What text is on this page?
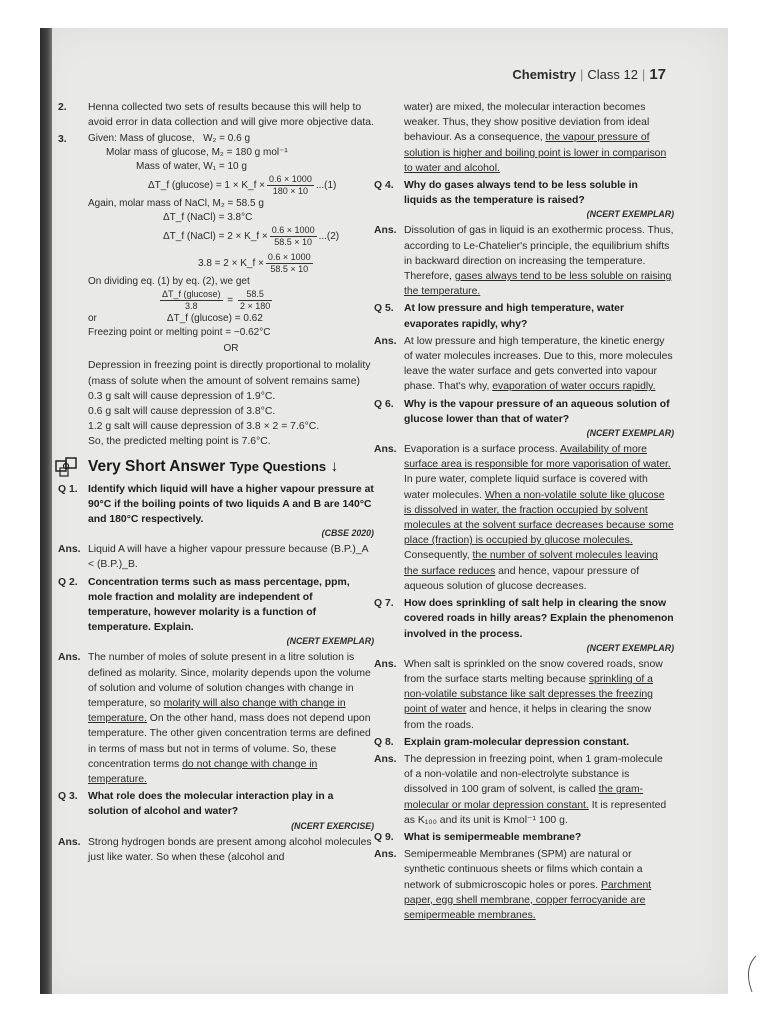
Chemistry | Class 12 | 17
2.	Henna collected two sets of results because this will help to avoid error in data collection and will give more objective data.
3.	Given: Mass of glucose, W₂ = 0.6 g
Molar mass of glucose, M₂ = 180 g mol⁻¹
Mass of water, W₁ = 10 g
ΔT_f (glucose) = 1 × K_f × $\frac{0.6 \times 1000}{180 \times 10} ...(1)$
Again, molar mass of NaCl, M₂ = 58.5 g
ΔT_f (NaCl) = 3.8°C
ΔT_f (NaCl) = 2 × K_f × $\frac{0.6 \times 1000}{58.5 \times 10} ...(2)$
3.8 = 2 × K_f × $\frac{0.6 \times 1000}{58.5 \times 10}$
On dividing eq. (1) by eq. (2), we get
$\frac{\text{ΔT\_f (glucose)}}{3.8} = \frac{58.5}{2 \times 180}$
or	ΔT_f (glucose) = 0.62
Freezing point or melting point = −0.62°C
OR
Depression in freezing point is directly proportional to molality (mass of solute when the amount of solvent remains same)
0.3 g salt will cause depression of 1.9°C.
0.6 g salt will cause depression of 3.8°C.
1.2 g salt will cause depression of 3.8 × 2 = 7.6°C.
So, the predicted melting point is 7.6°C.
Very Short Answer Type Questions ↓
Q 1. Identify which liquid will have a higher vapour pressure at 90°C if the boiling points of two liquids A and B are 140°C and 180°C respectively.
(CBSE 2020)
Ans. Liquid A will have a higher vapour pressure because (B.P.)_A < (B.P.)_B.
Q 2. Concentration terms such as mass percentage, ppm, mole fraction and molality are independent of temperature, however molarity is a function of temperature. Explain.
(NCERT EXEMPLAR)
Ans. The number of moles of solute present in a litre solution is defined as molarity. Since, molarity depends upon the volume of solution and volume of solution changes with change in temperature, so molarity will also change with change in temperature. On the other hand, mass does not depend upon temperature. The other given concentration terms are defined in terms of mass but not in terms of volume. So, these concentration terms do not change with change in temperature.
Q 3. What role does the molecular interaction play in a solution of alcohol and water?
(NCERT EXERCISE)
Ans. Strong hydrogen bonds are present among alcohol molecules just like water. So when these (alcohol and
water) are mixed, the molecular interaction becomes weaker. Thus, they show positive deviation from ideal behaviour. As a consequence, the vapour pressure of solution is higher and boiling point is lower in comparison to water and alcohol.
Q 4. Why do gases always tend to be less soluble in liquids as the temperature is raised?
(NCERT EXEMPLAR)
Ans. Dissolution of gas in liquid is an exothermic process. Thus, according to Le-Chatelier's principle, the equilibrium shifts in backward direction on increasing the temperature. Therefore, gases always tend to be less soluble on raising the temperature.
Q 5. At low pressure and high temperature, water evaporates rapidly, why?
Ans. At low pressure and high temperature, the kinetic energy of water molecules increases. Due to this, more molecules leave the water surface and gets converted into vapour phase. That's why, evaporation of water occurs rapidly.
Q 6. Why is the vapour pressure of an aqueous solution of glucose lower than that of water?
(NCERT EXEMPLAR)
Ans. Evaporation is a surface process. Availability of more surface area is responsible for more vaporisation of water. In pure water, complete liquid surface is covered with water molecules. When a non-volatile solute like glucose is dissolved in water, the fraction occupied by solvent molecules at the solvent surface decreases because some place (fraction) is occupied by glucose molecules. Consequently, the number of solvent molecules leaving the surface reduces and hence, vapour pressure of aqueous solution of glucose decreases.
Q 7. How does sprinkling of salt help in clearing the snow covered roads in hilly areas? Explain the phenomenon involved in the process.
(NCERT EXEMPLAR)
Ans. When salt is sprinkled on the snow covered roads, snow from the surface starts melting because sprinkling of a non-volatile substance like salt depresses the freezing point of water and hence, it helps in clearing the snow from the roads.
Q 8. Explain gram-molecular depression constant.
Ans. The depression in freezing point, when 1 gram-molecule of a non-volatile and non-electrolyte substance is dissolved in 100 gram of solvent, is called the gram-molecular or molar depression constant. It is represented as K₁₀₀ and its unit is Kmol⁻¹ 100 g.
Q 9. What is semipermeable membrane?
Ans. Semipermeable Membranes (SPM) are natural or synthetic continuous sheets or films which contain a network of submicroscopic holes or pores. Parchment paper, egg shell membrane, copper ferrocyanide are semipermeable membranes.
